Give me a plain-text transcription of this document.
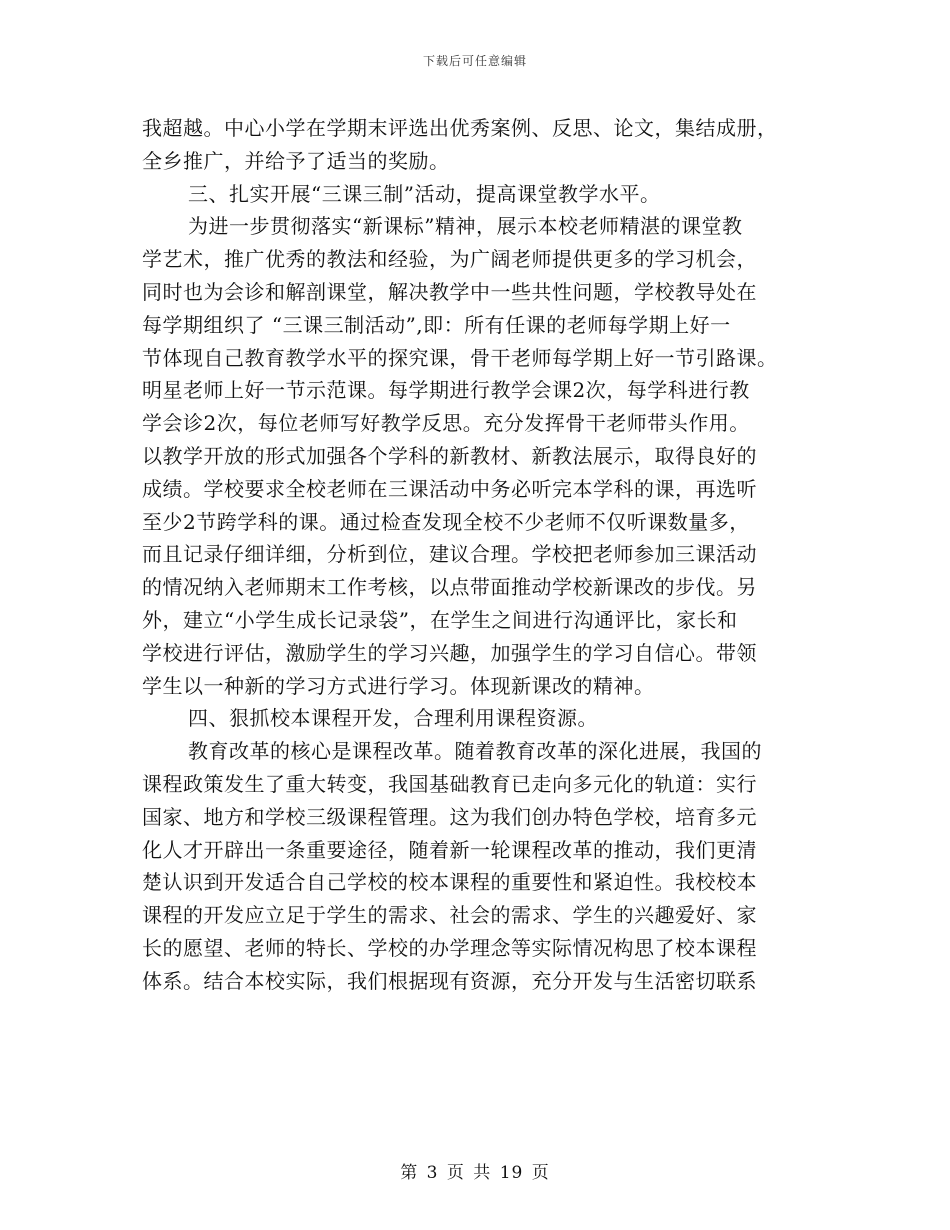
下载后可任意编辑
我超越。中心小学在学期末评选出优秀案例、反思、论文，集结成册，
全乡推广，并给予了适当的奖励。
三、扎实开展“三课三制”活动，提高课堂教学水平。
为进一步贯彻落实“新课标”精神，展示本校老师精湛的课堂教
学艺术，推广优秀的教法和经验，为广阔老师提供更多的学习机会，
同时也为会诊和解剖课堂，解决教学中一些共性问题，学校教导处在
每学期组织了 “三课三制活动”,即：所有任课的老师每学期上好一
节体现自己教育教学水平的探究课，骨干老师每学期上好一节引路课。
明星老师上好一节示范课。每学期进行教学会课2次，每学科进行教
学会诊2次，每位老师写好教学反思。充分发挥骨干老师带头作用。
以教学开放的形式加强各个学科的新教材、新教法展示，取得良好的
成绩。学校要求全校老师在三课活动中务必听完本学科的课，再选听
至少2节跨学科的课。通过检查发现全校不少老师不仅听课数量多，
而且记录仔细详细，分析到位，建议合理。学校把老师参加三课活动
的情况纳入老师期末工作考核，以点带面推动学校新课改的步伐。另
外，建立“小学生成长记录袋”，在学生之间进行沟通评比，家长和
学校进行评估，激励学生的学习兴趣，加强学生的学习自信心。带领
学生以一种新的学习方式进行学习。体现新课改的精神。
四、狠抓校本课程开发，合理利用课程资源。
教育改革的核心是课程改革。随着教育改革的深化进展，我国的
课程政策发生了重大转变，我国基础教育已走向多元化的轨道：实行
国家、地方和学校三级课程管理。这为我们创办特色学校，培育多元
化人才开辟出一条重要途径，随着新一轮课程改革的推动，我们更清
楚认识到开发适合自己学校的校本课程的重要性和紧迫性。我校校本
课程的开发应立足于学生的需求、社会的需求、学生的兴趣爱好、家
长的愿望、老师的特长、学校的办学理念等实际情况构思了校本课程
体系。结合本校实际，我们根据现有资源，充分开发与生活密切联系
第 3 页 共 19 页
